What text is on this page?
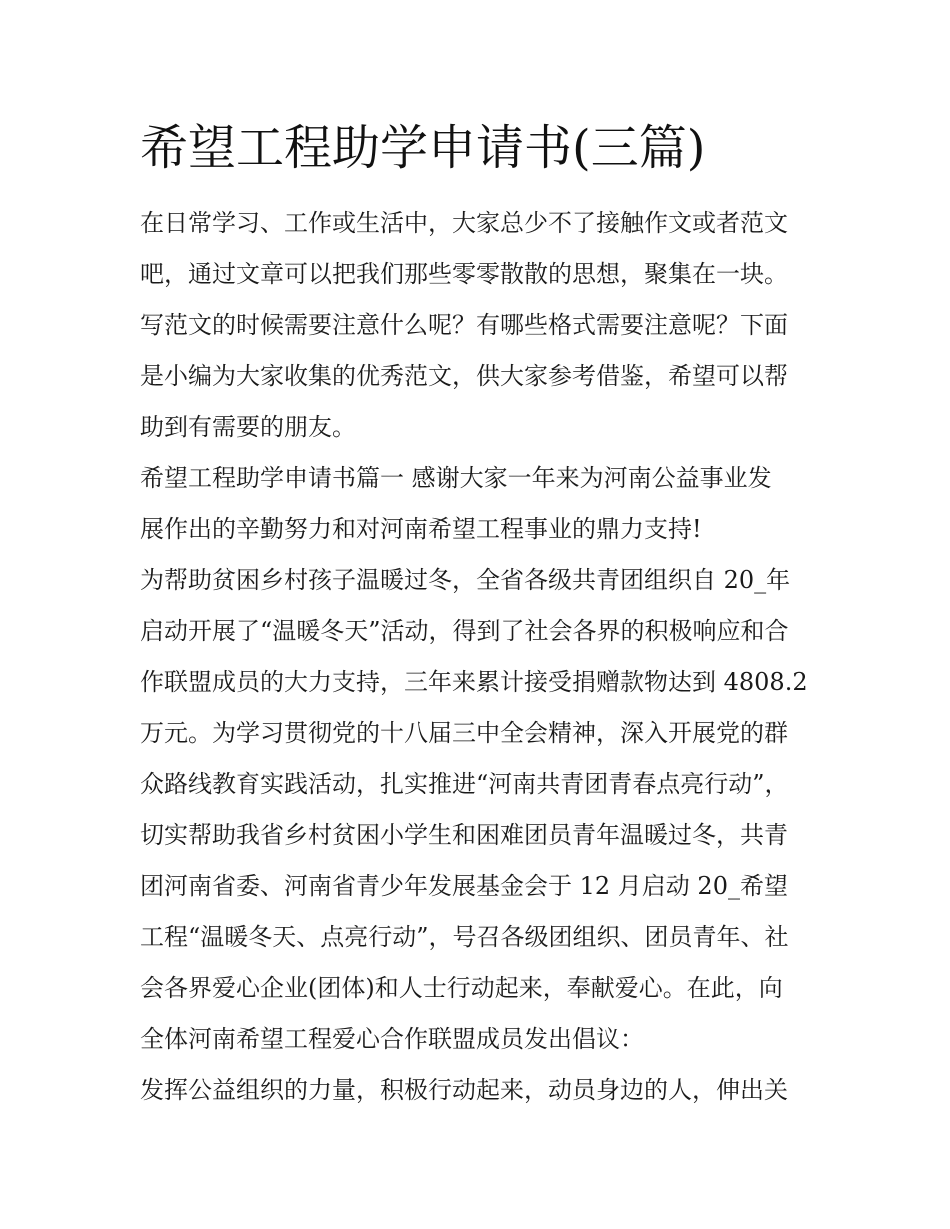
希望工程助学申请书(三篇)

在日常学习、工作或生活中，大家总少不了接触作文或者范文
吧，通过文章可以把我们那些零零散散的思想，聚集在一块。
写范文的时候需要注意什么呢？有哪些格式需要注意呢？下面
是小编为大家收集的优秀范文，供大家参考借鉴，希望可以帮
助到有需要的朋友。

希望工程助学申请书篇一 感谢大家一年来为河南公益事业发
展作出的辛勤努力和对河南希望工程事业的鼎力支持!

为帮助贫困乡村孩子温暖过冬，全省各级共青团组织自 20_年
启动开展了“温暖冬天”活动，得到了社会各界的积极响应和合
作联盟成员的大力支持，三年来累计接受捐赠款物达到 4808.2
万元。为学习贯彻党的十八届三中全会精神，深入开展党的群
众路线教育实践活动，扎实推进“河南共青团青春点亮行动”，
切实帮助我省乡村贫困小学生和困难团员青年温暖过冬，共青
团河南省委、河南省青少年发展基金会于 12 月启动 20_希望
工程“温暖冬天、点亮行动”，号召各级团组织、团员青年、社
会各界爱心企业(团体)和人士行动起来，奉献爱心。在此，向
全体河南希望工程爱心合作联盟成员发出倡议：

发挥公益组织的力量，积极行动起来，动员身边的人，伸出关
